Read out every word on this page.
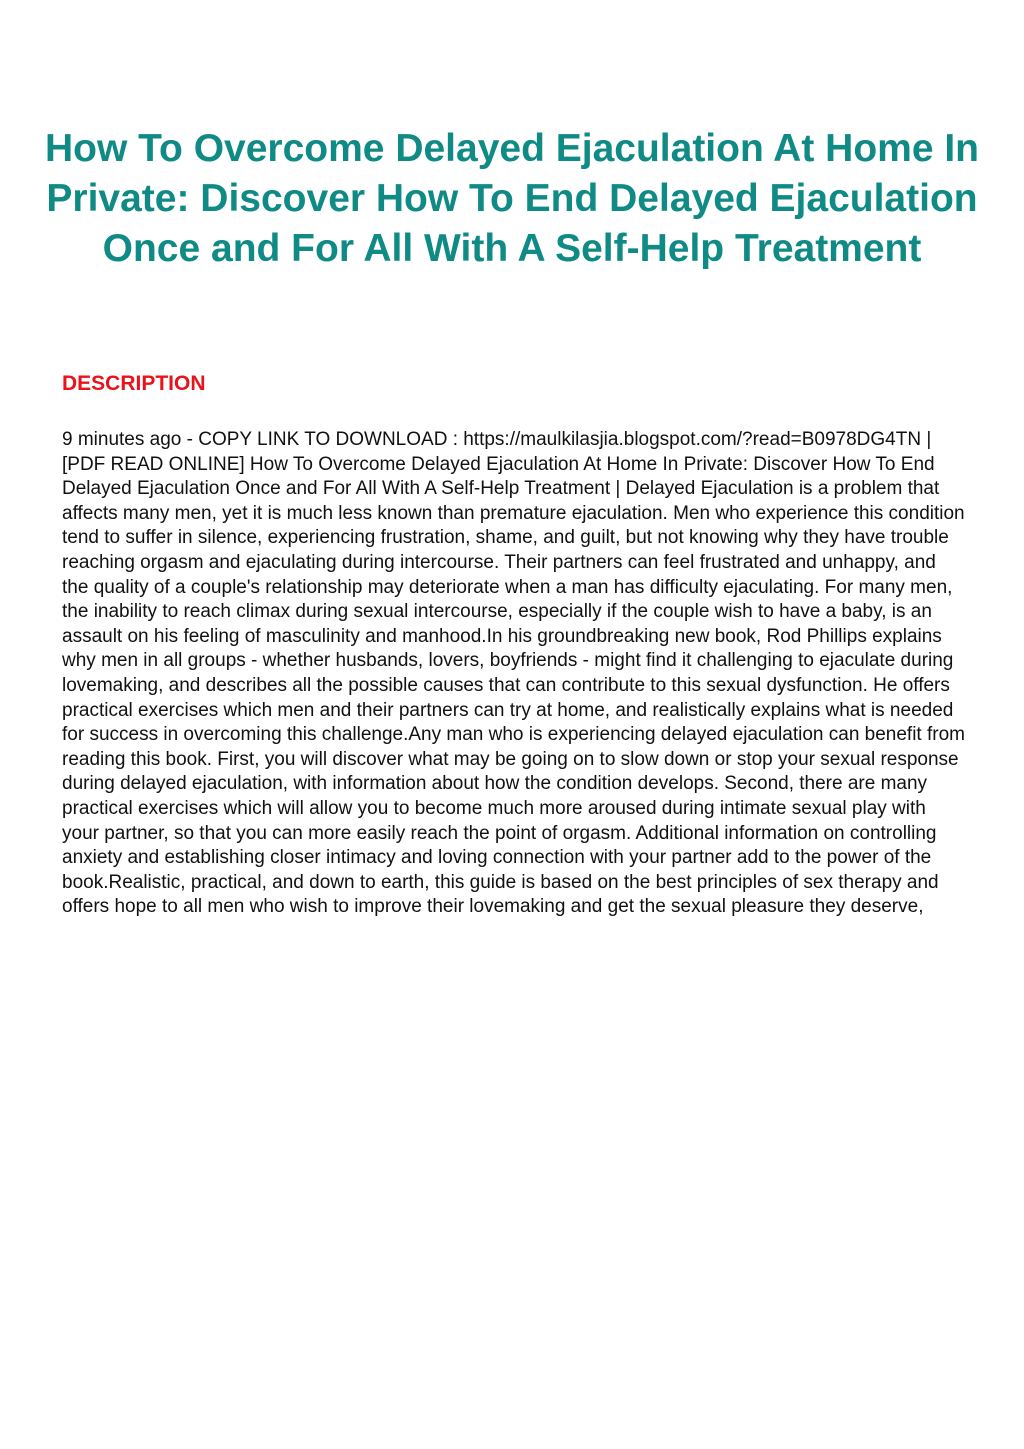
How To Overcome Delayed Ejaculation At Home In Private: Discover How To End Delayed Ejaculation Once and For All With A Self-Help Treatment
DESCRIPTION

9 minutes ago - COPY LINK TO DOWNLOAD : https://maulkilasjia.blogspot.com/?read=B0978DG4TN | [PDF READ ONLINE] How To Overcome Delayed Ejaculation At Home In Private: Discover How To End Delayed Ejaculation Once and For All With A Self-Help Treatment | Delayed Ejaculation is a problem that affects many men, yet it is much less known than premature ejaculation. Men who experience this condition tend to suffer in silence, experiencing frustration, shame, and guilt, but not knowing why they have trouble reaching orgasm and ejaculating during intercourse. Their partners can feel frustrated and unhappy, and the quality of a couple's relationship may deteriorate when a man has difficulty ejaculating. For many men, the inability to reach climax during sexual intercourse, especially if the couple wish to have a baby, is an assault on his feeling of masculinity and manhood.In his groundbreaking new book, Rod Phillips explains why men in all groups - whether husbands, lovers, boyfriends - might find it challenging to ejaculate during lovemaking, and describes all the possible causes that can contribute to this sexual dysfunction. He offers practical exercises which men and their partners can try at home, and realistically explains what is needed for success in overcoming this challenge.Any man who is experiencing delayed ejaculation can benefit from reading this book. First, you will discover what may be going on to slow down or stop your sexual response during delayed ejaculation, with information about how the condition develops. Second, there are many practical exercises which will allow you to become much more aroused during intimate sexual play with your partner, so that you can more easily reach the point of orgasm. Additional information on controlling anxiety and establishing closer intimacy and loving connection with your partner add to the power of the book.Realistic, practical, and down to earth, this guide is based on the best principles of sex therapy and offers hope to all men who wish to improve their lovemaking and get the sexual pleasure they deserve,
